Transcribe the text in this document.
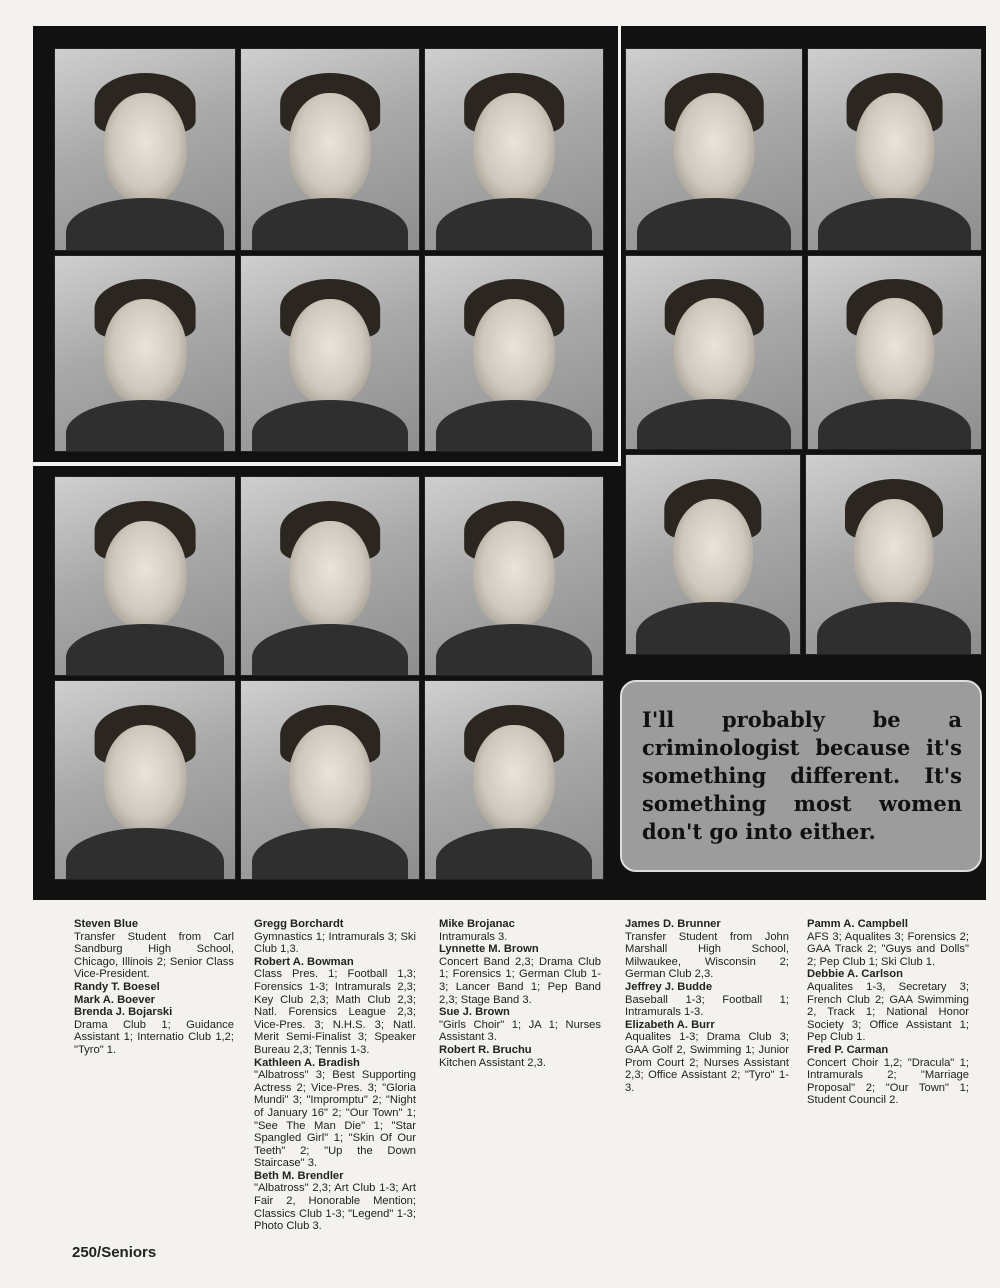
I'll probably be a criminologist because it's something different. It's something most women don't go into either.

Steven Blue
Transfer Student from Carl Sandburg High School, Chicago, Illinois 2; Senior Class Vice-President.
Randy T. Boesel
Mark A. Boever
Brenda J. Bojarski
Drama Club 1; Guidance Assistant 1; Internatio Club 1,2; "Tyro" 1.
Gregg Borchardt
Gymnastics 1; Intramurals 3; Ski Club 1,3.
Robert A. Bowman
Class Pres. 1; Football 1,3; Forensics 1-3; Intramurals 2,3; Key Club 2,3; Math Club 2,3; Natl. Forensics League 2,3; Vice-Pres. 3; N.H.S. 3; Natl. Merit Semi-Finalist 3; Speaker Bureau 2,3; Tennis 1-3.
Kathleen A. Bradish
"Albatross" 3; Best Supporting Actress 2; Vice-Pres. 3; "Gloria Mundi" 3; "Impromptu" 2; "Night of January 16" 2; "Our Town" 1; "See The Man Die" 1; "Star Spangled Girl" 1; "Skin Of Our Teeth" 2; "Up the Down Staircase" 3.
Beth M. Brendler
"Albatross" 2,3; Art Club 1-3; Art Fair 2, Honorable Mention; Classics Club 1-3; "Legend" 1-3; Photo Club 3.
Mike Brojanac
Intramurals 3.
Lynnette M. Brown
Concert Band 2,3; Drama Club 1; Forensics 1; German Club 1-3; Lancer Band 1; Pep Band 2,3; Stage Band 3.
Sue J. Brown
"Girls Choir" 1; JA 1; Nurses Assistant 3.
Robert R. Bruchu
Kitchen Assistant 2,3.
James D. Brunner
Transfer Student from John Marshall High School, Milwaukee, Wisconsin 2; German Club 2,3.
Jeffrey J. Budde
Baseball 1-3; Football 1; Intramurals 1-3.
Elizabeth A. Burr
Aqualites 1-3; Drama Club 3; GAA Golf 2, Swimming 1; Junior Prom Court 2; Nurses Assistant 2,3; Office Assistant 2; "Tyro" 1-3.
Pamm A. Campbell
AFS 3; Aqualites 3; Forensics 2; GAA Track 2; "Guys and Dolls" 2; Pep Club 1; Ski Club 1.
Debbie A. Carlson
Aqualites 1-3, Secretary 3; French Club 2; GAA Swimming 2, Track 1; National Honor Society 3; Office Assistant 1; Pep Club 1.
Fred P. Carman
Concert Choir 1,2; "Dracula" 1; Intramurals 2; "Marriage Proposal" 2; "Our Town" 1; Student Council 2.
250/Seniors
